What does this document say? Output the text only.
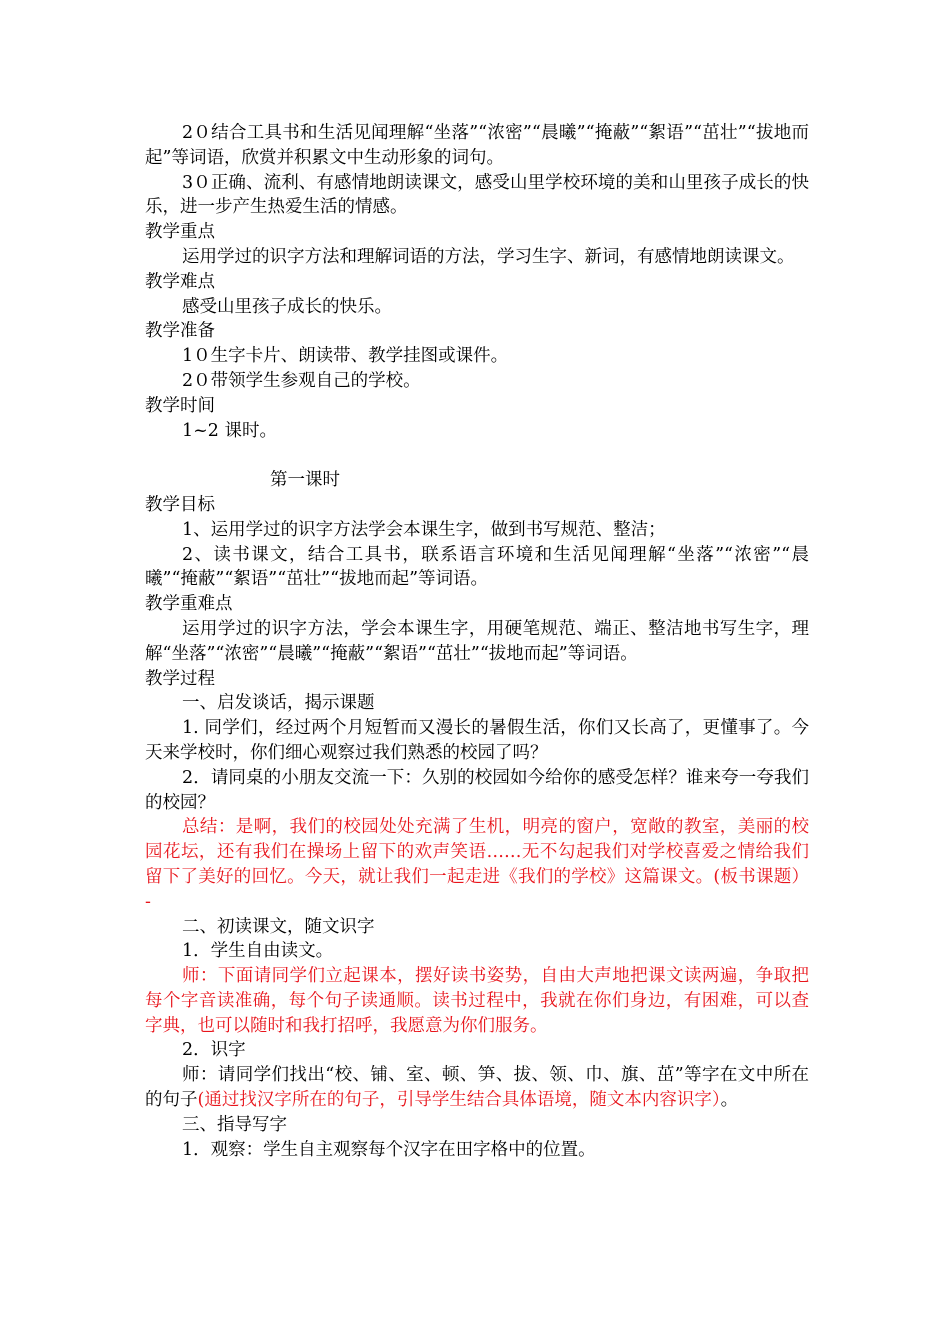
2０结合工具书和生活见闻理解“坐落”“浓密”“晨曦”“掩蔽”“絮语”“茁壮”“拔地而起”等词语，欣赏并积累文中生动形象的词句。

3０正确、流利、有感情地朗读课文，感受山里学校环境的美和山里孩子成长的快乐，进一步产生热爱生活的情感。

教学重点

运用学过的识字方法和理解词语的方法，学习生字、新词，有感情地朗读课文。

教学难点

感受山里孩子成长的快乐。

教学准备

1０生字卡片、朗读带、教学挂图或课件。

2０带领学生参观自己的学校。

教学时间

1~2 课时。

第一课时

教学目标

1、运用学过的识字方法学会本课生字，做到书写规范、整洁；

2、读书课文，结合工具书，联系语言环境和生活见闻理解“坐落”“浓密”“晨曦”“掩蔽”“絮语”“茁壮”“拔地而起”等词语。

教学重难点

运用学过的识字方法，学会本课生字，用硬笔规范、端正、整洁地书写生字，理解“坐落”“浓密”“晨曦”“掩蔽”“絮语”“茁壮”“拔地而起”等词语。

教学过程

一、启发谈话，揭示课题

1. 同学们，经过两个月短暂而又漫长的暑假生活，你们又长高了，更懂事了。今天来学校时，你们细心观察过我们熟悉的校园了吗？

2．请同桌的小朋友交流一下：久别的校园如今给你的感受怎样？谁来夸一夸我们的校园？

总结：是啊，我们的校园处处充满了生机，明亮的窗户，宽敞的教室，美丽的校园花坛，还有我们在操场上留下的欢声笑语……无不勾起我们对学校喜爱之情给我们留下了美好的回忆。今天，就让我们一起走进《我们的学校》这篇课文。(板书课题） -

二、初读课文，随文识字

1．学生自由读文。

师：下面请同学们立起课本，摆好读书姿势，自由大声地把课文读两遍，争取把每个字音读准确，每个句子读通顺。读书过程中，我就在你们身边，有困难，可以查字典，也可以随时和我打招呼，我愿意为你们服务。

2．识字

师：请同学们找出“校、铺、室、顿、笋、拔、领、巾、旗、茁”等字在文中所在的句子(通过找汉字所在的句子，引导学生结合具体语境，随文本内容识字）。

三、指导写字

1．观察：学生自主观察每个汉字在田字格中的位置。
